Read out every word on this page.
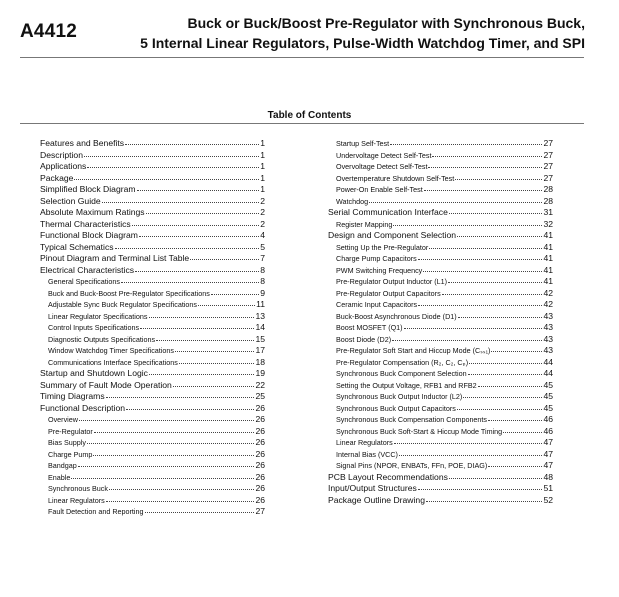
A4412	Buck or Buck/Boost Pre-Regulator with Synchronous Buck,
5 Internal Linear Regulators, Pulse-Width Watchdog Timer, and SPI
Table of Contents
Features and Benefits	1
Description	1
Applications	1
Package	1
Simplified Block Diagram	1
Selection Guide	2
Absolute Maximum Ratings	2
Thermal Characteristics	2
Functional Block Diagram	4
Typical Schematics	5
Pinout Diagram and Terminal List Table	7
Electrical Characteristics	8
General Specifications	8
Buck and Buck-Boost Pre-Regulator Specifications	9
Adjustable Sync Buck Regulator Specifications	11
Linear Regulator Specifications	13
Control Inputs Specifications	14
Diagnostic Outputs Specifications	15
Window Watchdog Timer Specifications	17
Communications Interface Specifications	18
Startup and Shutdown Logic	19
Summary of Fault Mode Operation	22
Timing Diagrams	25
Functional Description	26
Overview	26
Pre-Regulator	26
Bias Supply	26
Charge Pump	26
Bandgap	26
Enable	26
Synchronous Buck	26
Linear Regulators	26
Fault Detection and Reporting	27
Startup Self-Test	27
Undervoltage Detect Self-Test	27
Overvoltage Detect Self-Test	27
Overtemperature Shutdown Self-Test	27
Power-On Enable Self-Test	28
Watchdog	28
Serial Communication Interface	31
Register Mapping	32
Design and Component Selection	41
Setting Up the Pre-Regulator	41
Charge Pump Capacitors	41
PWM Switching Frequency	41
Pre-Regulator Output Inductor (L1)	41
Pre-Regulator Output Capacitors	42
Ceramic Input Capacitors	42
Buck-Boost Asynchronous Diode (D1)	43
Boost MOSFET (Q1)	43
Boost Diode (D2)	43
Pre-Regulator Soft Start and Hiccup Mode (Cₛₛ₁)	43
Pre-Regulator Compensation (R₂, C₂, Cₚ)	44
Synchronous Buck Component Selection	44
Setting the Output Voltage, RFB1 and RFB2	45
Synchronous Buck Output Inductor (L2)	45
Synchronous Buck Output Capacitors	45
Synchronous Buck Compensation Components	46
Synchronous Buck Soft-Start & Hiccup Mode Timing	46
Linear Regulators	47
Internal Bias (VCC)	47
Signal Pins (NPOR, ENBATs, FFn, POE, DIAG)	47
PCB Layout Recommendations	48
Input/Output Structures	51
Package Outline Drawing	52
